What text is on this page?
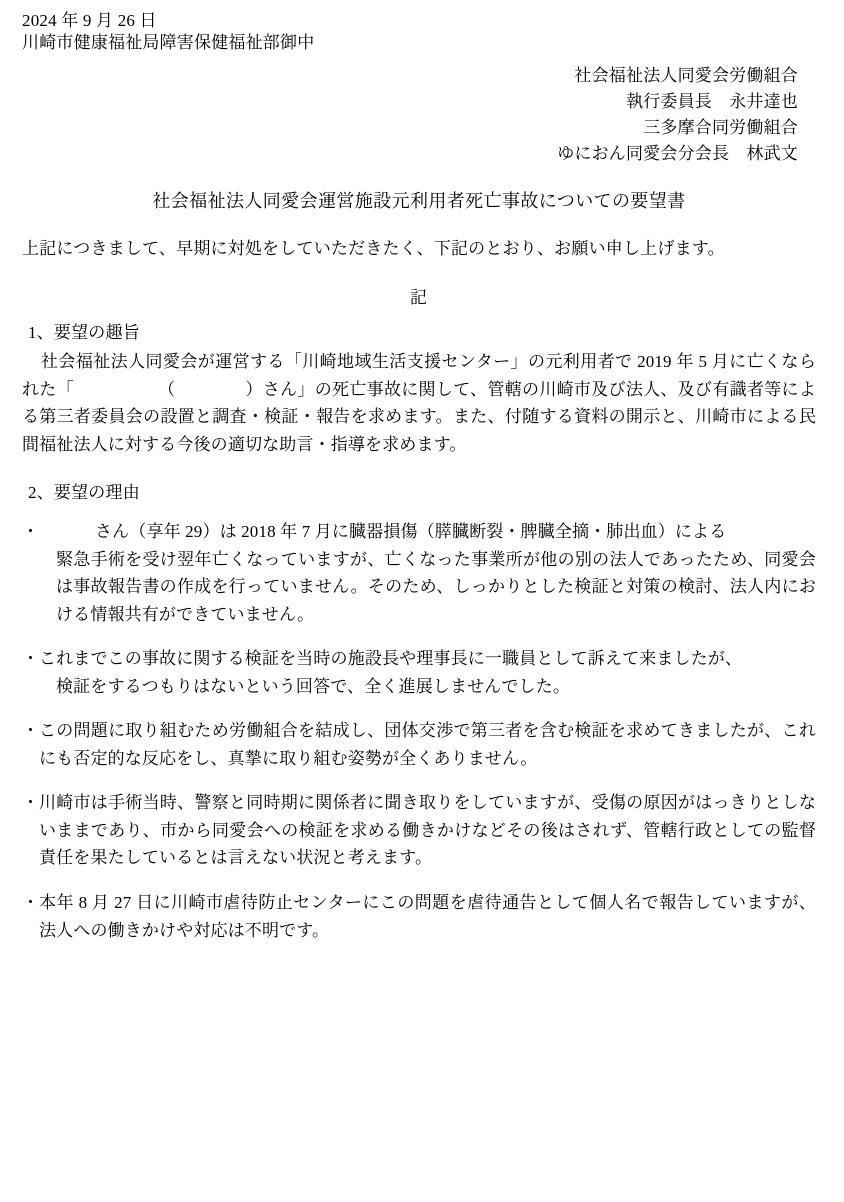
2024 年 9 月 26 日
川崎市健康福祉局障害保健福祉部御中
社会福祉法人同愛会労働組合
執行委員長　永井達也
三多摩合同労働組合
ゆにおん同愛会分会長　林武文
社会福祉法人同愛会運営施設元利用者死亡事故についての要望書
上記につきまして、早期に対処をしていただきたく、下記のとおり、お願い申し上げます。
記
1、要望の趣旨
社会福祉法人同愛会が運営する「川崎地域生活支援センター」の元利用者で 2019 年 5 月に亡くなられた「	（	）さん」の死亡事故に関して、管轄の川崎市及び法人、及び有識者等による第三者委員会の設置と調査・検証・報告を求めます。また、付随する資料の開示と、川崎市による民間福祉法人に対する今後の適切な助言・指導を求めます。
2、要望の理由
・	さん（享年 29）は 2018 年 7 月に臓器損傷（膵臓断裂・脾臓全摘・肺出血）による
緊急手術を受け翌年亡くなっていますが、亡くなった事業所が他の別の法人であったため、同愛会は事故報告書の作成を行っていません。そのため、しっかりとした検証と対策の検討、法人内における情報共有ができていません。
・ これまでこの事故に関する検証を当時の施設長や理事長に一職員として訴えて来ましたが、
検証をするつもりはないという回答で、全く進展しませんでした。
・ この問題に取り組むため労働組合を結成し、団体交渉で第三者を含む検証を求めてきましたが、これにも否定的な反応をし、真摯に取り組む姿勢が全くありません。
・ 川崎市は手術当時、警察と同時期に関係者に聞き取りをしていますが、受傷の原因がはっきりとしないままであり、市から同愛会への検証を求める働きかけなどその後はされず、管轄行政としての監督責任を果たしているとは言えない状況と考えます。
・ 本年 8 月 27 日に川崎市虐待防止センターにこの問題を虐待通告として個人名で報告していますが、法人への働きかけや対応は不明です。
